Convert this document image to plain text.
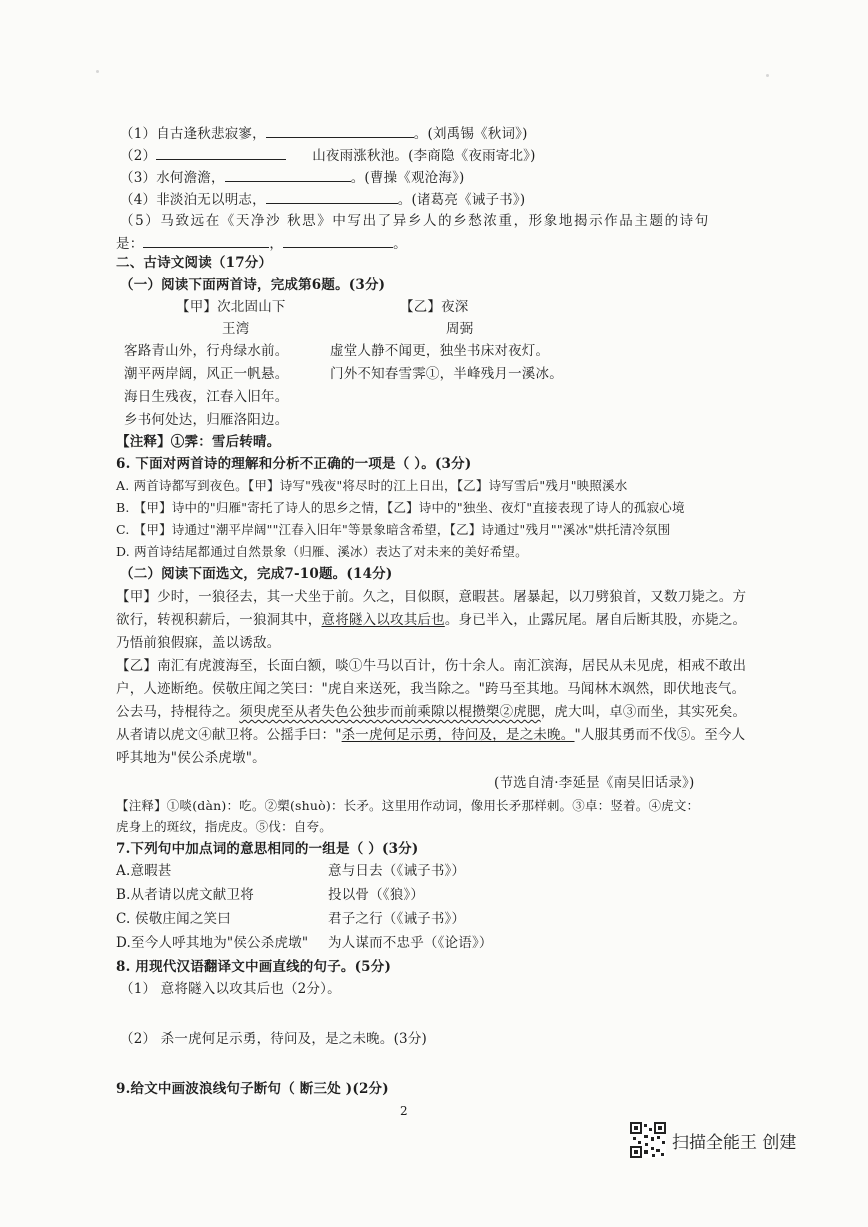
（1）自古逢秋悲寂寥，	。(刘禹锡《秋词》)
（2）	山夜雨涨秋池。(李商隐《夜雨寄北》)
（3）水何澹澹，	。(曹操《观沧海》)
（4）非淡泊无以明志，	。(诸葛亮《诫子书》)
（5）马致远在《天净沙 秋思》中写出了异乡人的乡愁浓重，形象地揭示作品主题的诗句
是：	，	。
二、古诗文阅读（17分）
（一）阅读下面两首诗，完成第6题。(3分)
【甲】次北固山下
王湾
客路青山外，行舟绿水前。
潮平两岸阔，风正一帆悬。
海日生残夜，江春入旧年。
乡书何处达，归雁洛阳边。
【乙】夜深
周弼
虚堂人静不闻更，独坐书床对夜灯。
门外不知春雪霁①，半峰残月一溪冰。
【注释】①霁：雪后转晴。
6. 下面对两首诗的理解和分析不正确的一项是（ ）。(3分)
A. 两首诗都写到夜色。【甲】诗写"残夜"将尽时的江上日出，【乙】诗写雪后"残月"映照溪水
B. 【甲】诗中的"归雁"寄托了诗人的思乡之情，【乙】诗中的"独坐、夜灯"直接表现了诗人的孤寂心境
C. 【甲】诗通过"潮平岸阔""江春入旧年"等景象暗含希望，【乙】诗通过"残月""溪冰"烘托清冷氛围
D. 两首诗结尾都通过自然景象（归雁、溪冰）表达了对未来的美好希望。
（二）阅读下面选文，完成7-10题。(14分)
【甲】少时，一狼径去，其一犬坐于前。久之，目似瞑，意暇甚。屠暴起，以刀劈狼首，又数刀毙之。方
欲行，转视积薪后，一狼洞其中，意将隧入以攻其后也。身已半入，止露尻尾。屠自后断其股，亦毙之。
乃悟前狼假寐，盖以诱敌。
【乙】南汇有虎渡海至，长面白额，啖①牛马以百计，伤十余人。南汇滨海，居民从未见虎，相戒不敢出
户，人迹断绝。侯敬庄闻之笑曰："虎自来送死，我当除之。"跨马至其地。马闻林木飒然，即伏地丧气。
公去马，持棍待之。须臾虎至从者失色公独步而前乘隙以棍攒槊②虎腮，虎大叫，卓③而坐，其实死矣。
从者请以虎文④献卫将。公摇手曰："杀一虎何足示勇，待问及，是之未晚。"人服其勇而不伐⑤。至今人
呼其地为"侯公杀虎墩"。
(节选自清·李延昰《南吴旧话录》)
【注释】①啖(dàn)：吃。②槊(shuò)：长矛。这里用作动词，像用长矛那样刺。③卓：竖着。④虎文：
虎身上的斑纹，指虎皮。⑤伐：自夸。
7.下列句中加点词的意思相同的一组是（ ）(3分)
A.意暇甚	意与日去（《诫子书》）
B.从者请以虎文献卫将	投以骨（《狼》）
C. 侯敬庄闻之笑曰	君子之行（《诫子书》）
D.至今人呼其地为"侯公杀虎墩" 为人谋而不忠乎（《论语》）
8. 用现代汉语翻译文中画直线的句子。(5分)
（1） 意将隧入以攻其后也（2分）。
（2） 杀一虎何足示勇，待问及，是之未晚。(3分)
9.给文中画波浪线句子断句（ 断三处 )(2分)
2
扫描全能王 创建
